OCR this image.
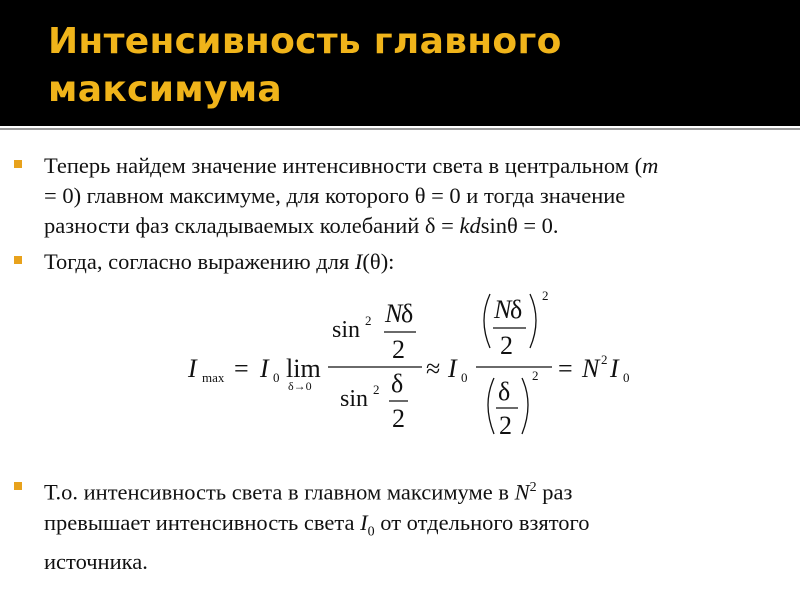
Интенсивность главного
максимума
Теперь найдем значение интенсивности света в центральном (m
= 0) главном максимуме, для которого θ = 0 и тогда значение
разности фаз складываемых колебаний δ = kdsinθ = 0.
Тогда, согласно выражению для I(θ):
I max = I 0 lim
δ→0
sin 2 N
δ
2
sin 2 δ
2
≈ I 0
N
δ
2
2
δ
2
2 = N 2 I 0
Т.о. интенсивность света в главном максимуме в $N^2$ раз
превышает интенсивность света $I_0$ от отдельного взятого
источника.
